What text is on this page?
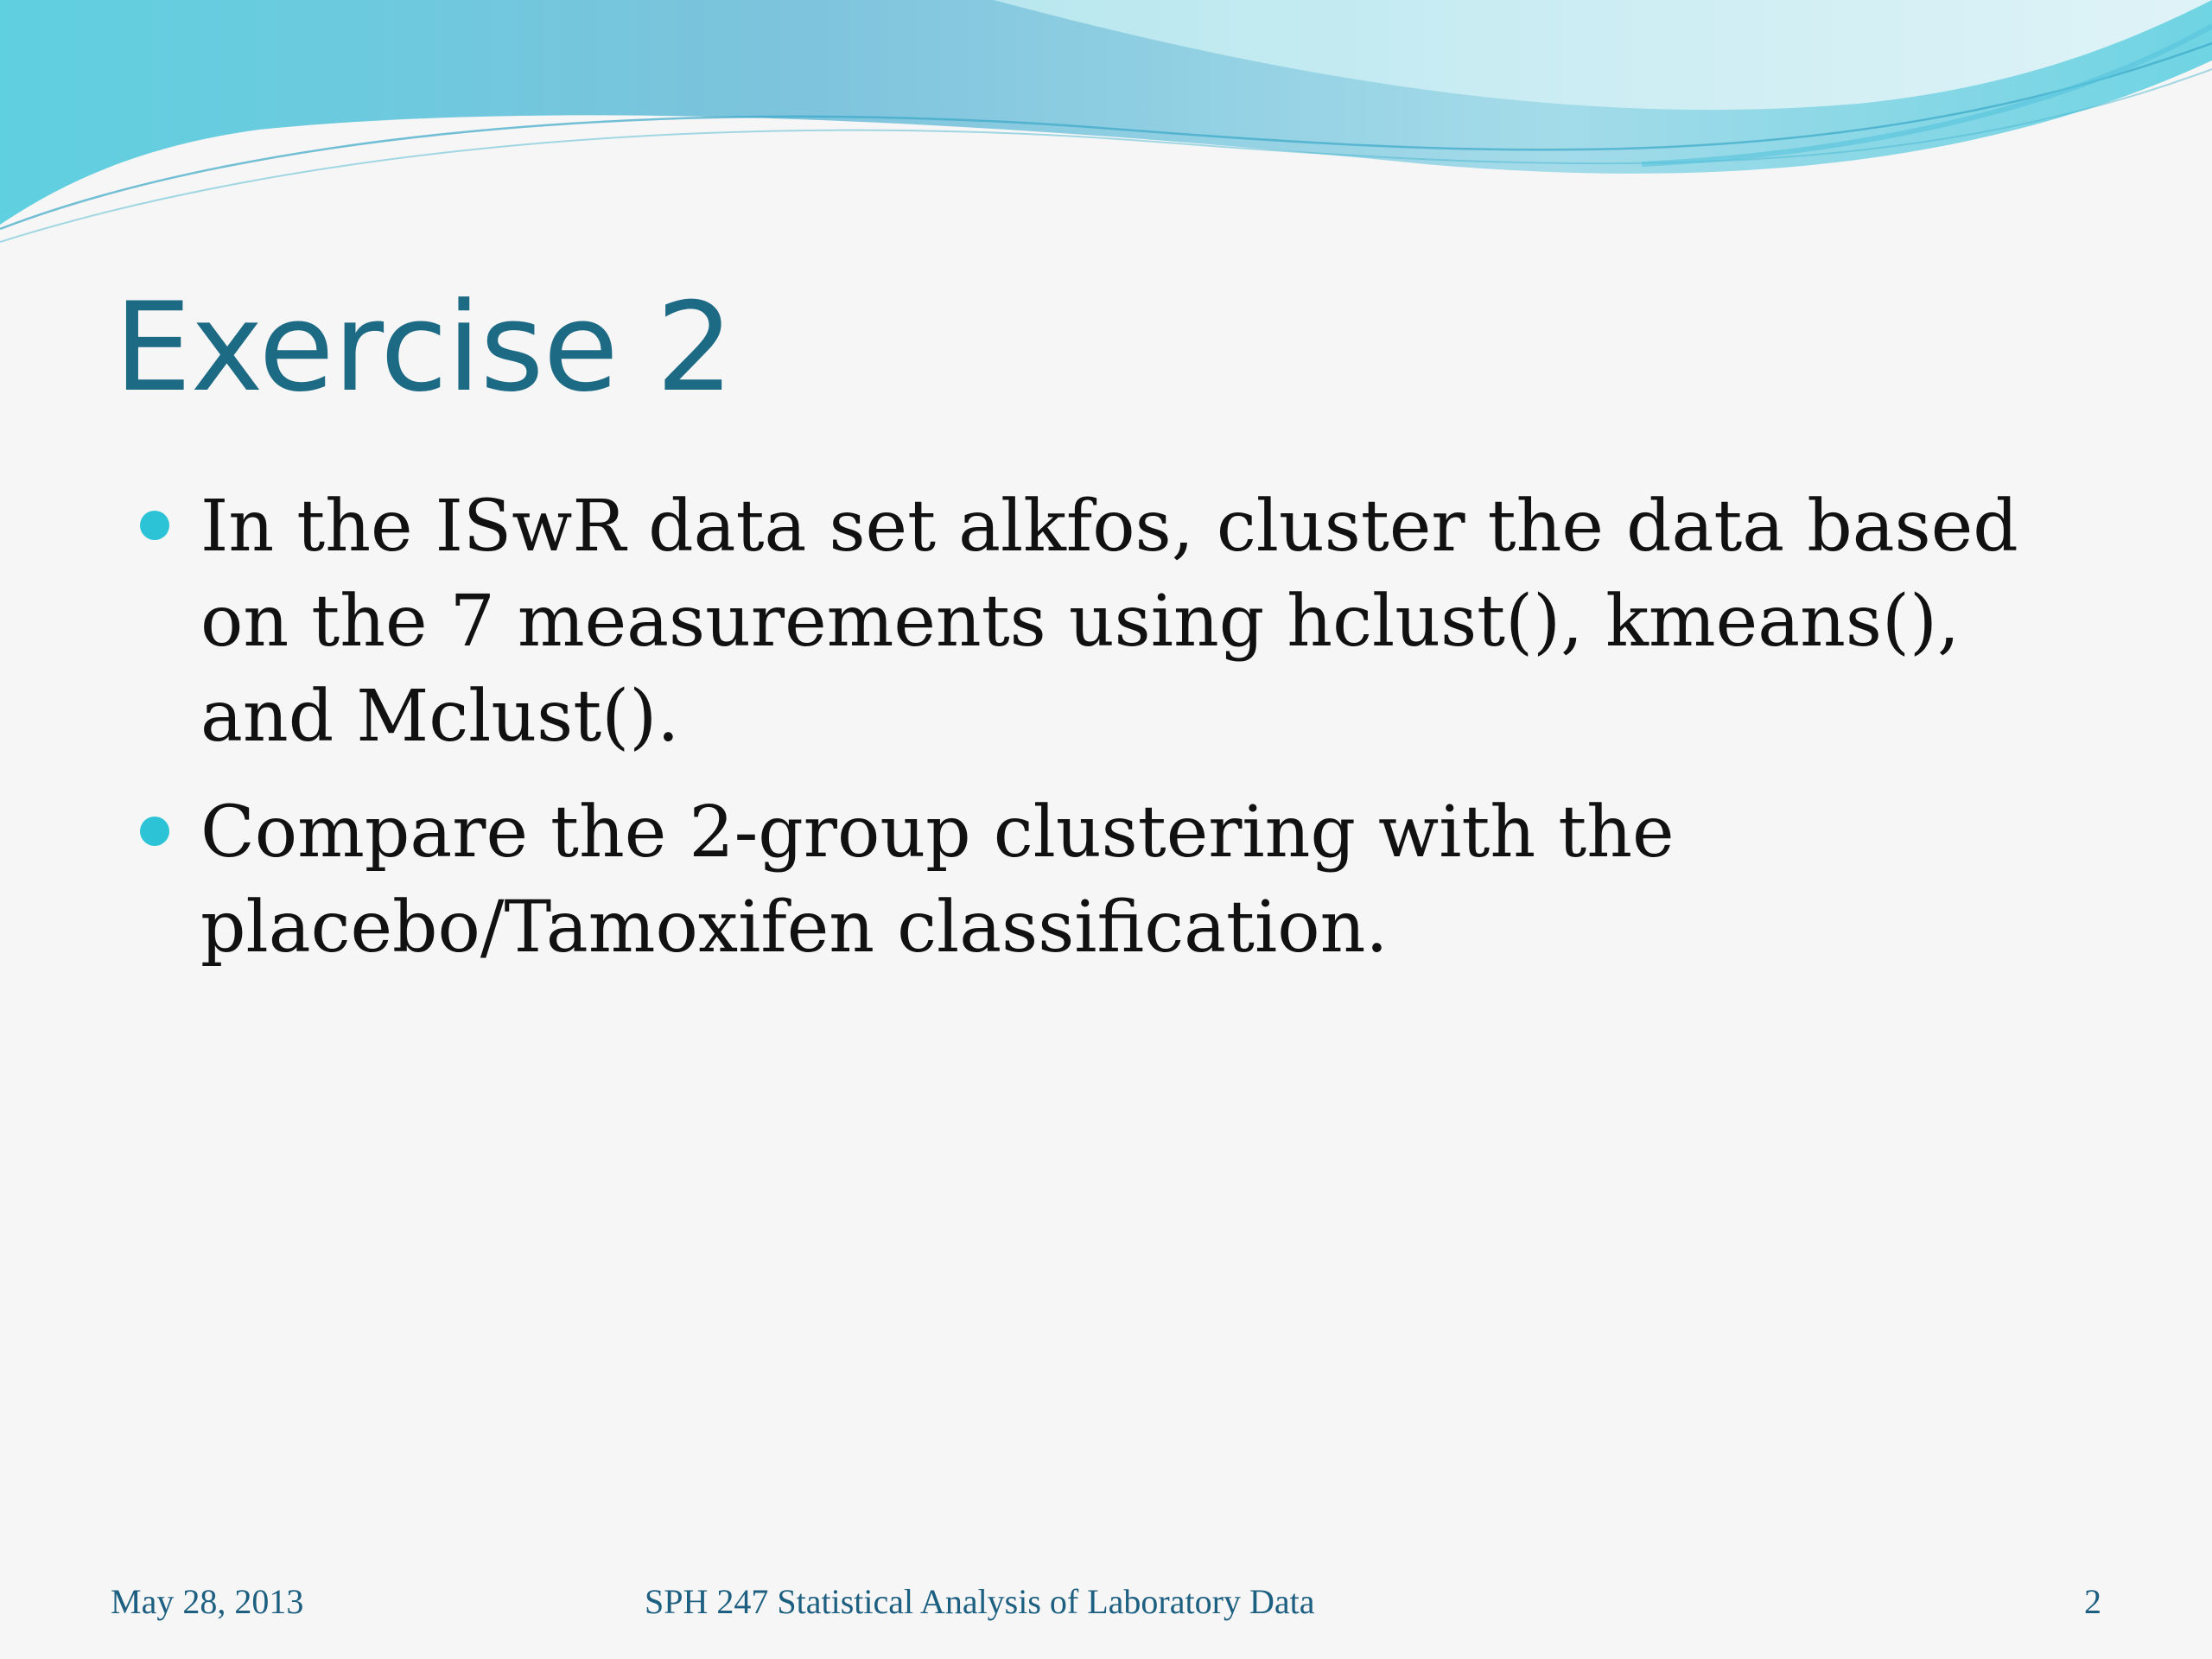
Exercise 2
In the ISwR data set alkfos, cluster the data based on the 7 measurements using hclust(), kmeans(), and Mclust().
Compare the 2-group clustering with the placebo/Tamoxifen classification.
May 28, 2013	SPH 247 Statistical Analysis of Laboratory Data	2
